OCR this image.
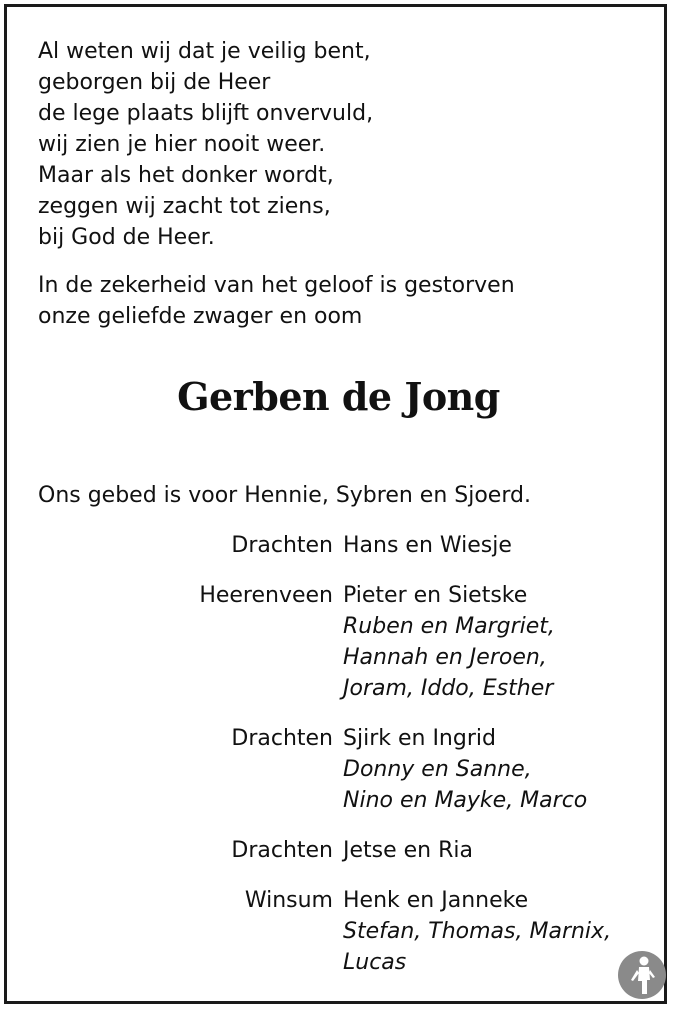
Al weten wij dat je veilig bent,
geborgen bij de Heer
de lege plaats blijft onvervuld,
wij zien je hier nooit weer.
Maar als het donker wordt,
zeggen wij zacht tot ziens,
bij God de Heer.
In de zekerheid van het geloof is gestorven
onze geliefde zwager en oom
Gerben de Jong
Ons gebed is voor Hennie, Sybren en Sjoerd.
Drachten Hans en Wiesje
Heerenveen Pieter en Sietske
Ruben en Margriet,
Hannah en Jeroen,
Joram, Iddo, Esther
Drachten Sjirk en Ingrid
Donny en Sanne,
Nino en Mayke, Marco
Drachten Jetse en Ria
Winsum Henk en Janneke
Stefan, Thomas, Marnix,
Lucas
